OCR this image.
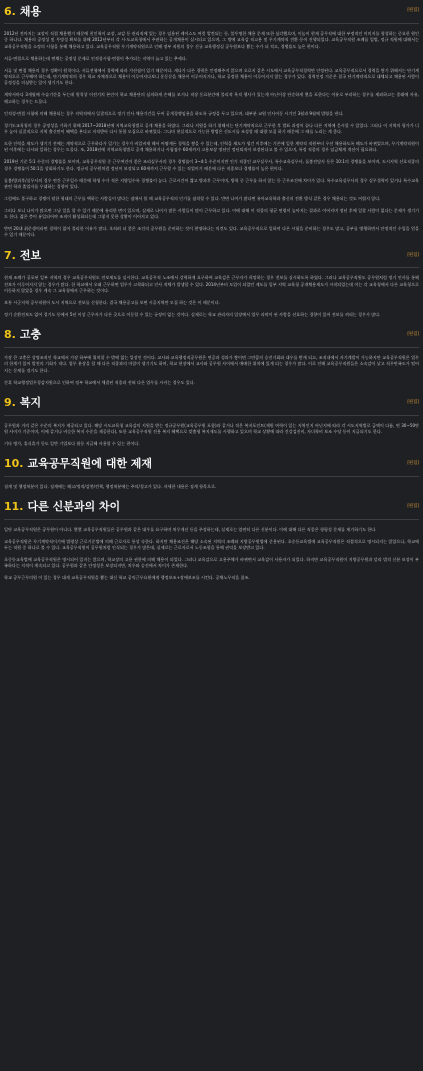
6. 채용	[편집]

2012년 전까지는 교장이 직접 채용했기 때문에 친인척이 교장, 교감 등 관리직에 있는 경우 임용된 케이스도 여럿 발견되는 등, 불투명한 채용 문제 또한 심각했으며, 이놈이 현재 공무직에 대한 부정적인 이미지를 형성하는 중요한 원인 중 하나다. 채용의 공정성 및 투명성 확보를 위해 2012년부터 각 시·도교육청에서 주관하는 공개채용이 실시되고 있으며, 그 밖에 교육감 직고용 및 무기계약직 전환 등이 진행되었다. 교육공무직원 조례를 입법, 정규 직원에 대해서는 교육공무직원을 소정의 시험을 통해 채용하고 있다. 교육공무직원 무기계약직원으로 인해 정부 직원의 경우 신규 교육행정실 공무원보다 뽑는 수가 더 적고, 경쟁률도 높은 편이다.

서류·면접으로 채용하는데 면채는 공정성 문제로 인적성시험·면접이 추가되는 지역이 늘고 있는 추세다.

서류 및 면접 채용의 경우 정확이 원칙이다. 서류전형에서 경력에 따라 가산점이 있기 때문이다. 게다가 다른 경력은 인정해주지 않으며 오로지 같은 시도에서 교육공무직경력만 인정된다. 교육공무직으로서 경력을 쌓기 위해서는 단기계약직으로 근무해야 하는데, 단기계약직의 경우 학교 자체적으로 채용이 이루어지다보니 운동문을 채용이 이루어지거나, 학교 공정한 채용이 이루어지지 않는 경우가 있다. 경력인정 기준은 결국 단기계약직으로 대체되고 채용된 사람이 공정성을 의심받는 일이 생기기도 한다.

계약서마다 3개월에 수습기간을 두는데 원칙상 이전거치 본인이 학교 채용단의 심의하게 손해를 보거나 직장 동료분간에 불리적 욕적 행사가 있는게 아닌이상 단순하게 몇을 포한다는 이유로 부과하는 경우를 제외하고는 종래에 자유, 해고하는 경우는 드물다.

인적성·면접 시험에 의해 채용되는 경우 지역적에서 일괄적으로 정기 인사 채용기간을 두어 공개경쟁임용을 하도록 규정을 두고 있으며, 대부분 교원 인사이동 시기인 3월과 9월에 발령을 낸다.

경기도교육청의 경우 공정성을 가하기 위해 2017~2018년에 지역교육청별로 공개 채용을 하였다. 그러나 지원을 하기 위해서는 단기계약직으로 근무한 후 발표 과정이 끝나 다른 지역에 응시할 수 있었다. 그러나 이 지역의 평가가 너무 높아 실질적으로 지역 출신만이 혜택을 본다고 지적받아 다시 통합 모집으로 바뀌었다. 그나마 현실적으로 가능한 방법은 신도시를 조성할 때 대량 모집 하기 때문에 그 때를 노리는 게 좋다.

도한 인력을 제도가 생기기 전에는 계약직으로 근무하다가 일기는 경우가 비일비재 해서 어떻게든 경력을 쌓을 수 있는데, 인력을 제도가 생긴 이후에는 기존에 일한 계약직 직원부터 우선 채용하도록 해도가 바뀌었으며, 무기계약직원이 된 이후에는 다시와 일하는 경우는 드물다. 또, 2018년에 지역교육청별로 공개 채용하거나 시험점수 60세까지 고용보장 정년인 정년퇴직이 보장된다고 볼 수 있으며, 특정 직종의 경우 임금체계 개선이 필요하다.

2019년 기준 5:1 수준의 경쟁률을 보이며, 교육공무직원 중 근무여건이 좋은 조리실무사의 경우 경쟁률이 3~4:1 수준이지만 인기 직종인 교무실무사, 특수교육실무사, 돌봄전담사 등은 10:1의 경쟁률을 보이며, 도시지역 선호직종의 경우 경쟁률이 50:1을 상회하기도 한다. 정규직 공무원처럼 정년이 보장되고 60세까지 근무할 수 있는 직업이기 때문에 다른 직종보다 경쟁률이 높은 편이다.

돌봄/방과후/실무사의 경우 연간 근무일수 때문에 학생 수가 적은 지방일수록 경쟁률이 높다. 근로시간이 짧고 방과후 근무이며, 방학 중 근무를 하지 않는 등 근무조건에 차이가 있다. 특수교육실무사의 경우 실무경력이 있거나 특수교육 관련 학과 졸업자를 우대하는 경향이 있다.

그럼에도 불구하고 경쟁이 덜한 형태의 근무를 택하는 사람들이 많다는 점에서 볼 때 교육공무직의 인기를 짐작할 수 있다. 반면 나이가 많다면 유아교육학과 출신의 전환 방식 같은 경우 채용되는 것도 어렵지 않다.

그러나 보니 나이가 많으면 그냥 일을 할 수 있기 때문에 유리한 면이 있으며, 실제로 나이가 많은 사람들이 많이 근무하고 있다. 이에 대해 이 직종의 평균 연령이 높아지는 결과로 이어지며 정년 후에 일할 사람이 없다는 문제가 생기기도 한다. 젊은 층이 유입되어야 조직이 활성화되는데 그렇지 못한 상황이 이어지고 있다.

반면 20대 취준생이라면 경력이 없어 불리한 이유가 많다. 오히려 더 좋은 조건의 공무원을 준비하는 것이 현명하다는 의견도 있다. 교육공무직으로 일하며 다른 시험을 준비하는 경우도 많고, 공부를 병행하면서 안정적인 수입을 얻을 수 있기 때문이다.

7. 전보	[편집]

현재 조례가 공포된 일부 지역의 경우 교육공무직원도 전보제도를 실시한다. 교육공무직 노조에서 강력하게 요구하여 교육감은 근무자가 희망하는 경우 전보를 실시하도록 하였다. 그러나 교육공무직원도 공무원처럼 정기 인사를 통해 전보가 이루어지지 않는 경우가 많다. 한 학교에서 오래 근무하면 업무가 고착화되고 인사 적체가 발생할 수 있다. 2014년부터 도입이 되었던 제도를 일부 지역 교육청 공개채용제도가 시작되었는데 이는 각 교육청에서 다른 교육청으로 이동하지 않았을 경우 계속 그 교육청에서 근무하는 것이다.

보통 시군지역 공무직원이 도시 지역으로 전보를 신청한다. 결국 채용공고를 보면 시골지역만 모집 하는 것은 이 때문이다.

정기 순환전보도 없어 경기도 등에서 5년 이상 근무자가 다른 곳으로 이동할 수 있는 규정이 없는 것이다. 실제로는 학교 관리자의 입장에서 업무 파악이 된 사람을 선호하는 경향이 있어 전보를 꺼리는 경우가 많다.

8. 고충	[편집]

가장 큰 고충은 상명조직인 학교에서 가장 하부에 위치할 수 밖에 없는 입장인 것이다. 교사와 교육행정직공무원은 연공과 성과가 쌓이면 그만큼의 승진기회와 대우를 받게 되고, 조직내에서 자기계발이 가능하지만 교육공무직원은 업무의 한계가 있어 발전의 기회가 적다. 업무 분장을 할 때 다른 직종과의 마찰이 생기기도 하며, 학교 현장에서 교사와 공무원 사이에서 애매한 위치에 있게 되는 경우가 많다. 이로 인해 교육공무직원들은 소속감이 낮고 직무만족도가 떨어지는 문제를 겪기도 한다.

간혹 학교행정업무경감지원으로 인하여 정부 학교에서 체결된 직종과 전혀 다른 업무를 시키는 경우도 있다.

9. 복지	[편집]

공무원과 거의 같은 수준의 복지가 제공되고 있다. 해당 시도교육청 교육감의 지원을 받는 정규공무원(교육공무원 포함)과 같거나 적은 복지포인트(재원 여력이 있는 지역인지 아닌지에 따라 각 시도지역별로 금액이 다름, 연 30~50만 원 사이가 기준이며, 이에 같거나 비슷한 복지 수준을 제공한다), 또한 교육공무직원 전용 복지 혜택으로 맞춤형 복지제도를 시행하고 있으며 학교 상황에 따라 건강검진비, 자녀학비 보조 수당 등이 지급되기도 한다.

기타 병가, 휴식휴가 등도 일반 기업보다 월등 지급해 사용할 수 있는 편이다.

10. 교육공무직원에 대한 제재	[편집]

징계 및 행정처분이 있다. 징계에는 해고/정직/감봉/견책, 행정처분에는 주의/경고가 있다. 자세한 내용은 징계 항목으로.

11. 다른 신분과의 차이	[편집]

일단 교육공무직원은 공무원이 아니다. 몇몇 교육공무직원들은 공무원과 같은 대우를 요구하며 처우개선 등을 주장하는데, 실제로는 엄연히 다른 신분이다. 이에 대해 다른 직종은 형평성 문제를 제기하기도 한다.

교육공무직원은 무기계약직이기에 법령상 근로기준법에 의해 근로자로 통상 속한다. 하지만 채용조건은 해당 소속된 지역의 조례와 지방공무원법에 준용된다. 초중등교육법에 교육공무직원은 직접적으로 명시되지는 않았으나, 학교에 두는 직원 중 하나로 볼 수 있다. 교육공무직원이 공무원처럼 인식되는 경우가 많은데, 실제로는 근로자로서 노동조합을 통해 권익을 보장받고 있다.

초중등교육법에 교육공무직원은 명시되어 있지는 않으며, 학교장의 고용 권한에 의해 채용이 되었다. 그러나 교육감으로 고용주체가 바뀌면서 교육감이 사용자가 되었다. 하지만 교육공무직원이 지방공무원과 달리 법적 신분 보장이 부족하다는 지적이 계속되고 있다. 공무원과 같은 안정성은 보장되지만, 처우와 승진에서 차이가 존재한다.

학교 공무근무의원 이 있는 경우 대게 교육공무직원을 뽑는 대신 학교 공익근무요원에게 행정보조+장애보조를 시킨다. 공채노무직을 참조.
